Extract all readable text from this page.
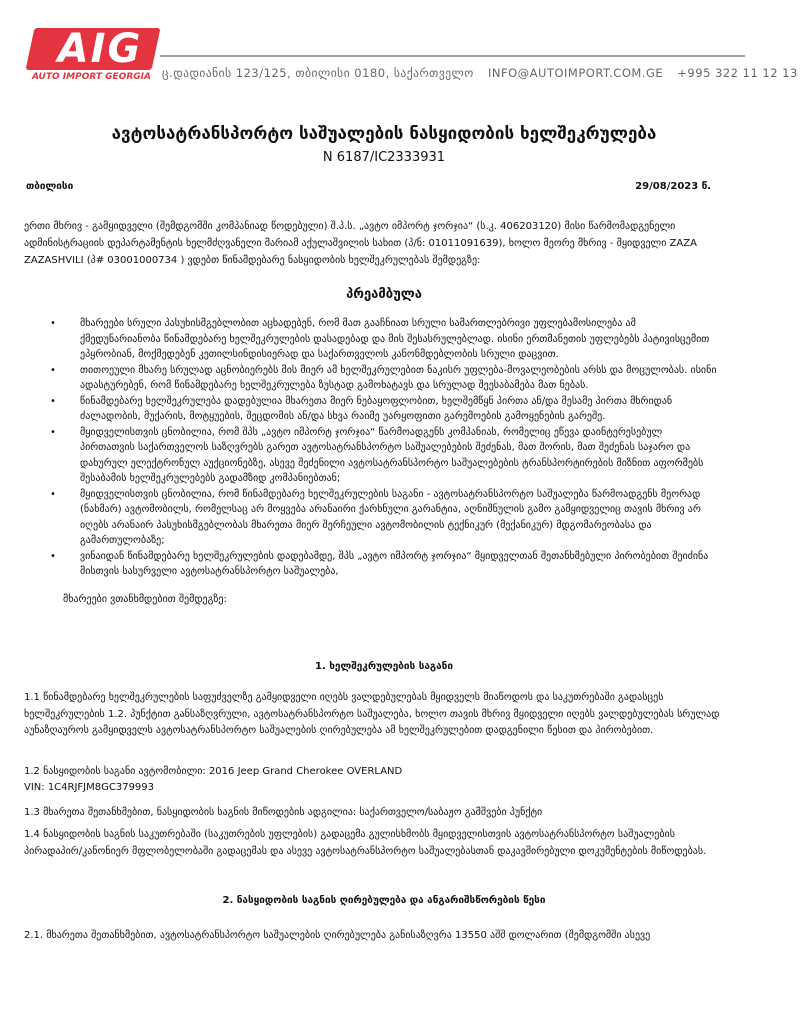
AIG
AUTO IMPORT GEORGIA ც.დადიანის 123/125, თბილისი 0180, საქართველო INFO@AUTOIMPORT.COM.GE +995 322 11 12 13
ავტოსატრანსპორტო საშუალების ნასყიდობის ხელშეკრულება
N 6187/IC2333931
თბილისი	29/08/2023 წ.
ერთი მხრივ - გამყიდველი (შემდგომში კომპანიად წოდებული) შ.პ.ს. „ავტო იმპორტ ჯორჯია“ (ს.კ. 406203120) მისი წარმომადგენელი ადმინისტრაციის დეპარტამენტის ხელმძღვანელი მარიამ აქულაშვილის სახით (პ/ნ: 01011091639), ხოლო მეორე მხრივ - მყიდველი ZAZA ZAZASHVILI (პ# 03001000734 ) ვდებთ წინამდებარე ნასყიდობის ხელშეკრულებას შემდეგზე:
პრეამბულა
• მხარეები სრული პასუხისმგებლობით აცხადებენ, რომ მათ გააჩნიათ სრული სამართლებრივი უფლებამოსილება ამ ქმედუნარიანობა წინამდებარე ხელშეკრულების დასადებად და მის შესასრულებლად. ისინი ერთმანეთის უფლებებს პატივისცემით ეპყრობიან, მოქმედებენ კეთილსინდისიერად და საქართველოს კანონმდებლობის სრული დაცვით.
• თითოეული მხარე სრულად აცნობიერებს მის მიერ ამ ხელშეკრულებით ნაკისრ უფლება-მოვალეობების არსს და მოცულობას. ისინი ადასტურებენ, რომ წინამდებარე ხელშეკრულება ზუსტად გამოხატავს და სრულად შეესაბამება მათ ნებას.
• წინამდებარე ხელშეკრულება დადებულია მხარეთა მიერ ნებაყოფლობით, ხელშემწყნ პირთა ან/და მესამე პირთა მხრიდან ძალადობის, მუქარის, მოტყუების, შეცდომის ან/და სხვა რაიმე უარყოფითი გარემოების გამოყენების გარეშე.
• მყიდველისთვის ცნობილია, რომ შპს „ავტო იმპორტ ჯორჯია“ წარმოადგენს კომპანიას, რომელიც ეწევა დაინტერესებულ პირთათვის საქართველოს საზღვრებს გარეთ ავტოსატრანსპორტო საშუალებების შეძენას, მათ შორის, მათ შეძენას საჯარო და დახურულ ელექტრონულ აუქციონებზე, ასევე შეძენილი ავტოსატრანსპორტო საშუალებების ტრანსპორტირების მიზნით აფორმებს შესაბამის ხელშეკრულებებს გადამზიდ კომპანიებთან;
• მყიდველისთვის ცნობილია, რომ წინამდებარე ხელშეკრულების საგანი - ავტოსატრანსპორტო საშუალება წარმოადგენს მეორად (ნახმარ) ავტომობილს, რომელსაც არ მოყვება არანაირი ქარხნული გარანტია, აღნიშნულის გამო გამყიდველიც თავის მხრივ არ იღებს არანაირ პასუხისმგებლობას მხარეთა მიერ შერჩეული ავტომობილის ტექნიკურ (მექანიკურ) მდგომარეობასა და გამართულობაზე;
• ვინაიდან წინამდებარე ხელშეკრულების დადებამდე, შპს „ავტო იმპორტ ჯორჯია“ მყიდველთან შეთანხმებული პირობებით შეიძინა მისთვის სასურველი ავტოსატრანსპორტო საშუალება,
მხარეები ვთანხმდებით შემდეგზე:
1. ხელშეკრულების საგანი
1.1 წინამდებარე ხელშეკრულების საფუძველზე გამყიდველი იღებს ვალდებულებას მყიდველს მიაწოდოს და საკუთრებაში გადასცეს ხელშეკრულების 1.2. პუნქტით განსაზღვრული, ავტოსატრანსპორტო საშუალება, ხოლო თავის მხრივ მყიდველი იღებს ვალდებულებას სრულად აუნაზღაუროს გამყიდველს ავტოსატრანსპორტო საშუალების ღირებულება ამ ხელშეკრულებით დადგენილი წესით და პირობებით.
1.2 ნასყიდობის საგანი ავტომობილი: 2016 Jeep Grand Cherokee OVERLAND
VIN: 1C4RJFJM8GC379993
1.3 მხარეთა შეთანხმებით, ნასყიდობის საგნის მიწოდების ადგილია: საქართველო/საბაჟო გამშვები პუნქტი
1.4 ნასყიდობის საგნის საკუთრებაში (საკუთრების უფლების) გადაცემა გულისხმობს მყიდველისთვის ავტოსატრანსპორტო საშუალების პირადაპირ/კანონიერ მფლობელობაში გადაცემას და ასევე ავტოსატრანსპორტო საშუალებასთან დაკავშირებული დოკუმენტების მიწოდებას.
2. ნასყიდობის საგნის ღირებულება და ანგარიშსწორების წესი
2.1. მხარეთა შეთანხმებით, ავტოსატრანსპორტო საშუალების ღირებულება განისაზღვრა 13550 აშშ დოლარით (შემდგომში ასევე
